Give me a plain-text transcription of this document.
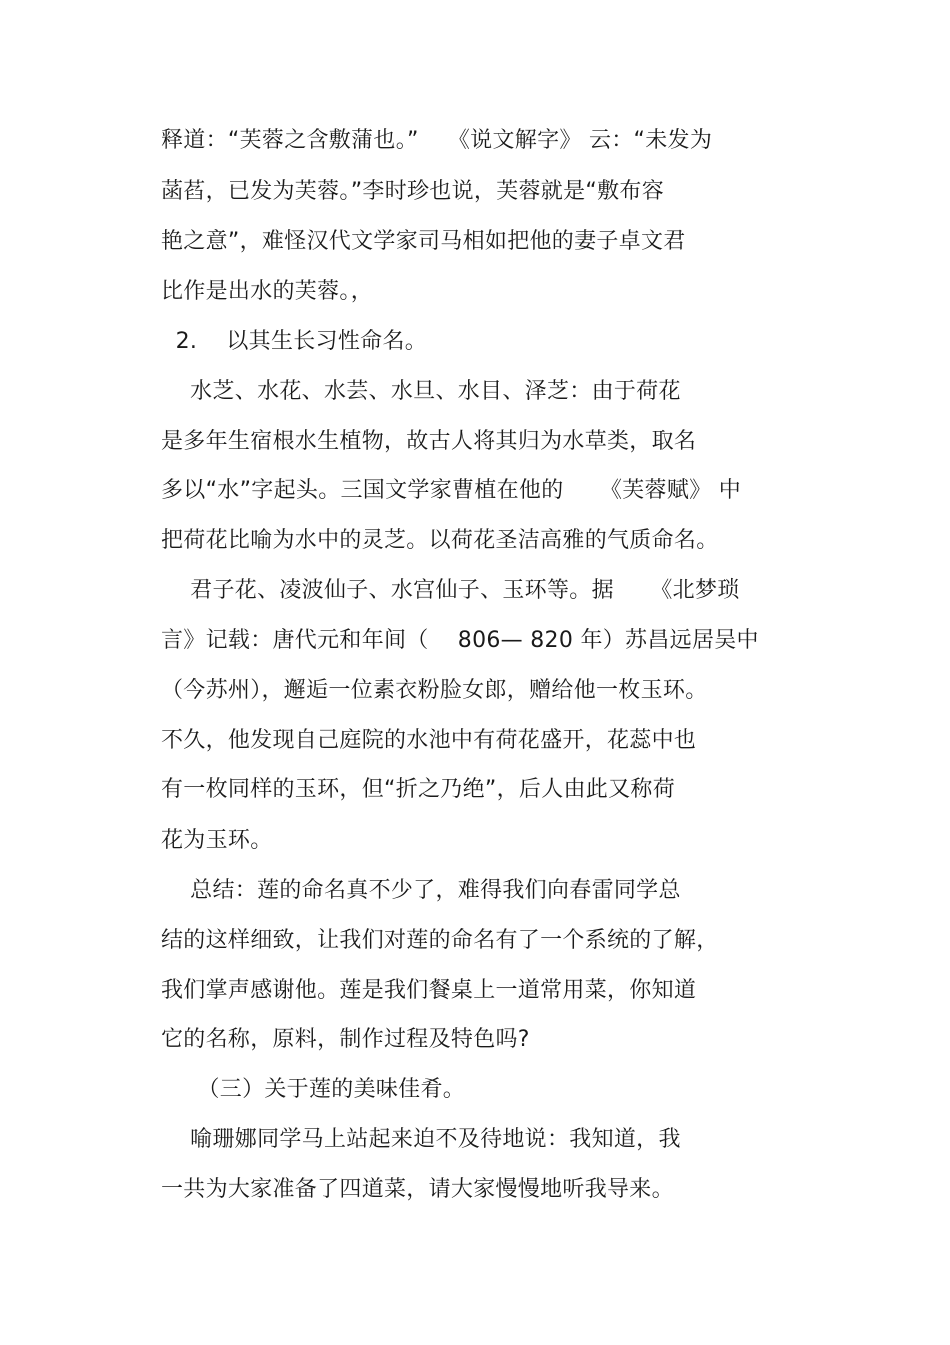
释道：“芙蓉之含敷蒲也。”    《说文解字》 云：“未发为
菡萏，已发为芙蓉。”李时珍也说，芙蓉就是“敷布容
艳之意”，难怪汉代文学家司马相如把他的妻子卓文君
比作是出水的芙蓉。，
2.    以其生长习性命名。
水芝、水花、水芸、水旦、水目、泽芝：由于荷花
是多年生宿根水生植物，故古人将其归为水草类，取名
多以“水”字起头。三国文学家曹植在他的     《芙蓉赋》 中
把荷花比喻为水中的灵芝。以荷花圣洁高雅的气质命名。
君子花、凌波仙子、水宫仙子、玉环等。据     《北梦琐
言》记载：唐代元和年间（    806— 820 年）苏昌远居吴中
（今苏州），邂逅一位素衣粉脸女郎，赠给他一枚玉环。
不久，他发现自己庭院的水池中有荷花盛开，花蕊中也
有一枚同样的玉环，但“折之乃绝”，后人由此又称荷
花为玉环。
总结：莲的命名真不少了，难得我们向春雷同学总
结的这样细致，让我们对莲的命名有了一个系统的了解，
我们掌声感谢他。莲是我们餐桌上一道常用菜，你知道
它的名称，原料，制作过程及特色吗?
（三）关于莲的美味佳肴。
喻珊娜同学马上站起来迫不及待地说：我知道，我
一共为大家准备了四道菜，请大家慢慢地听我导来。
